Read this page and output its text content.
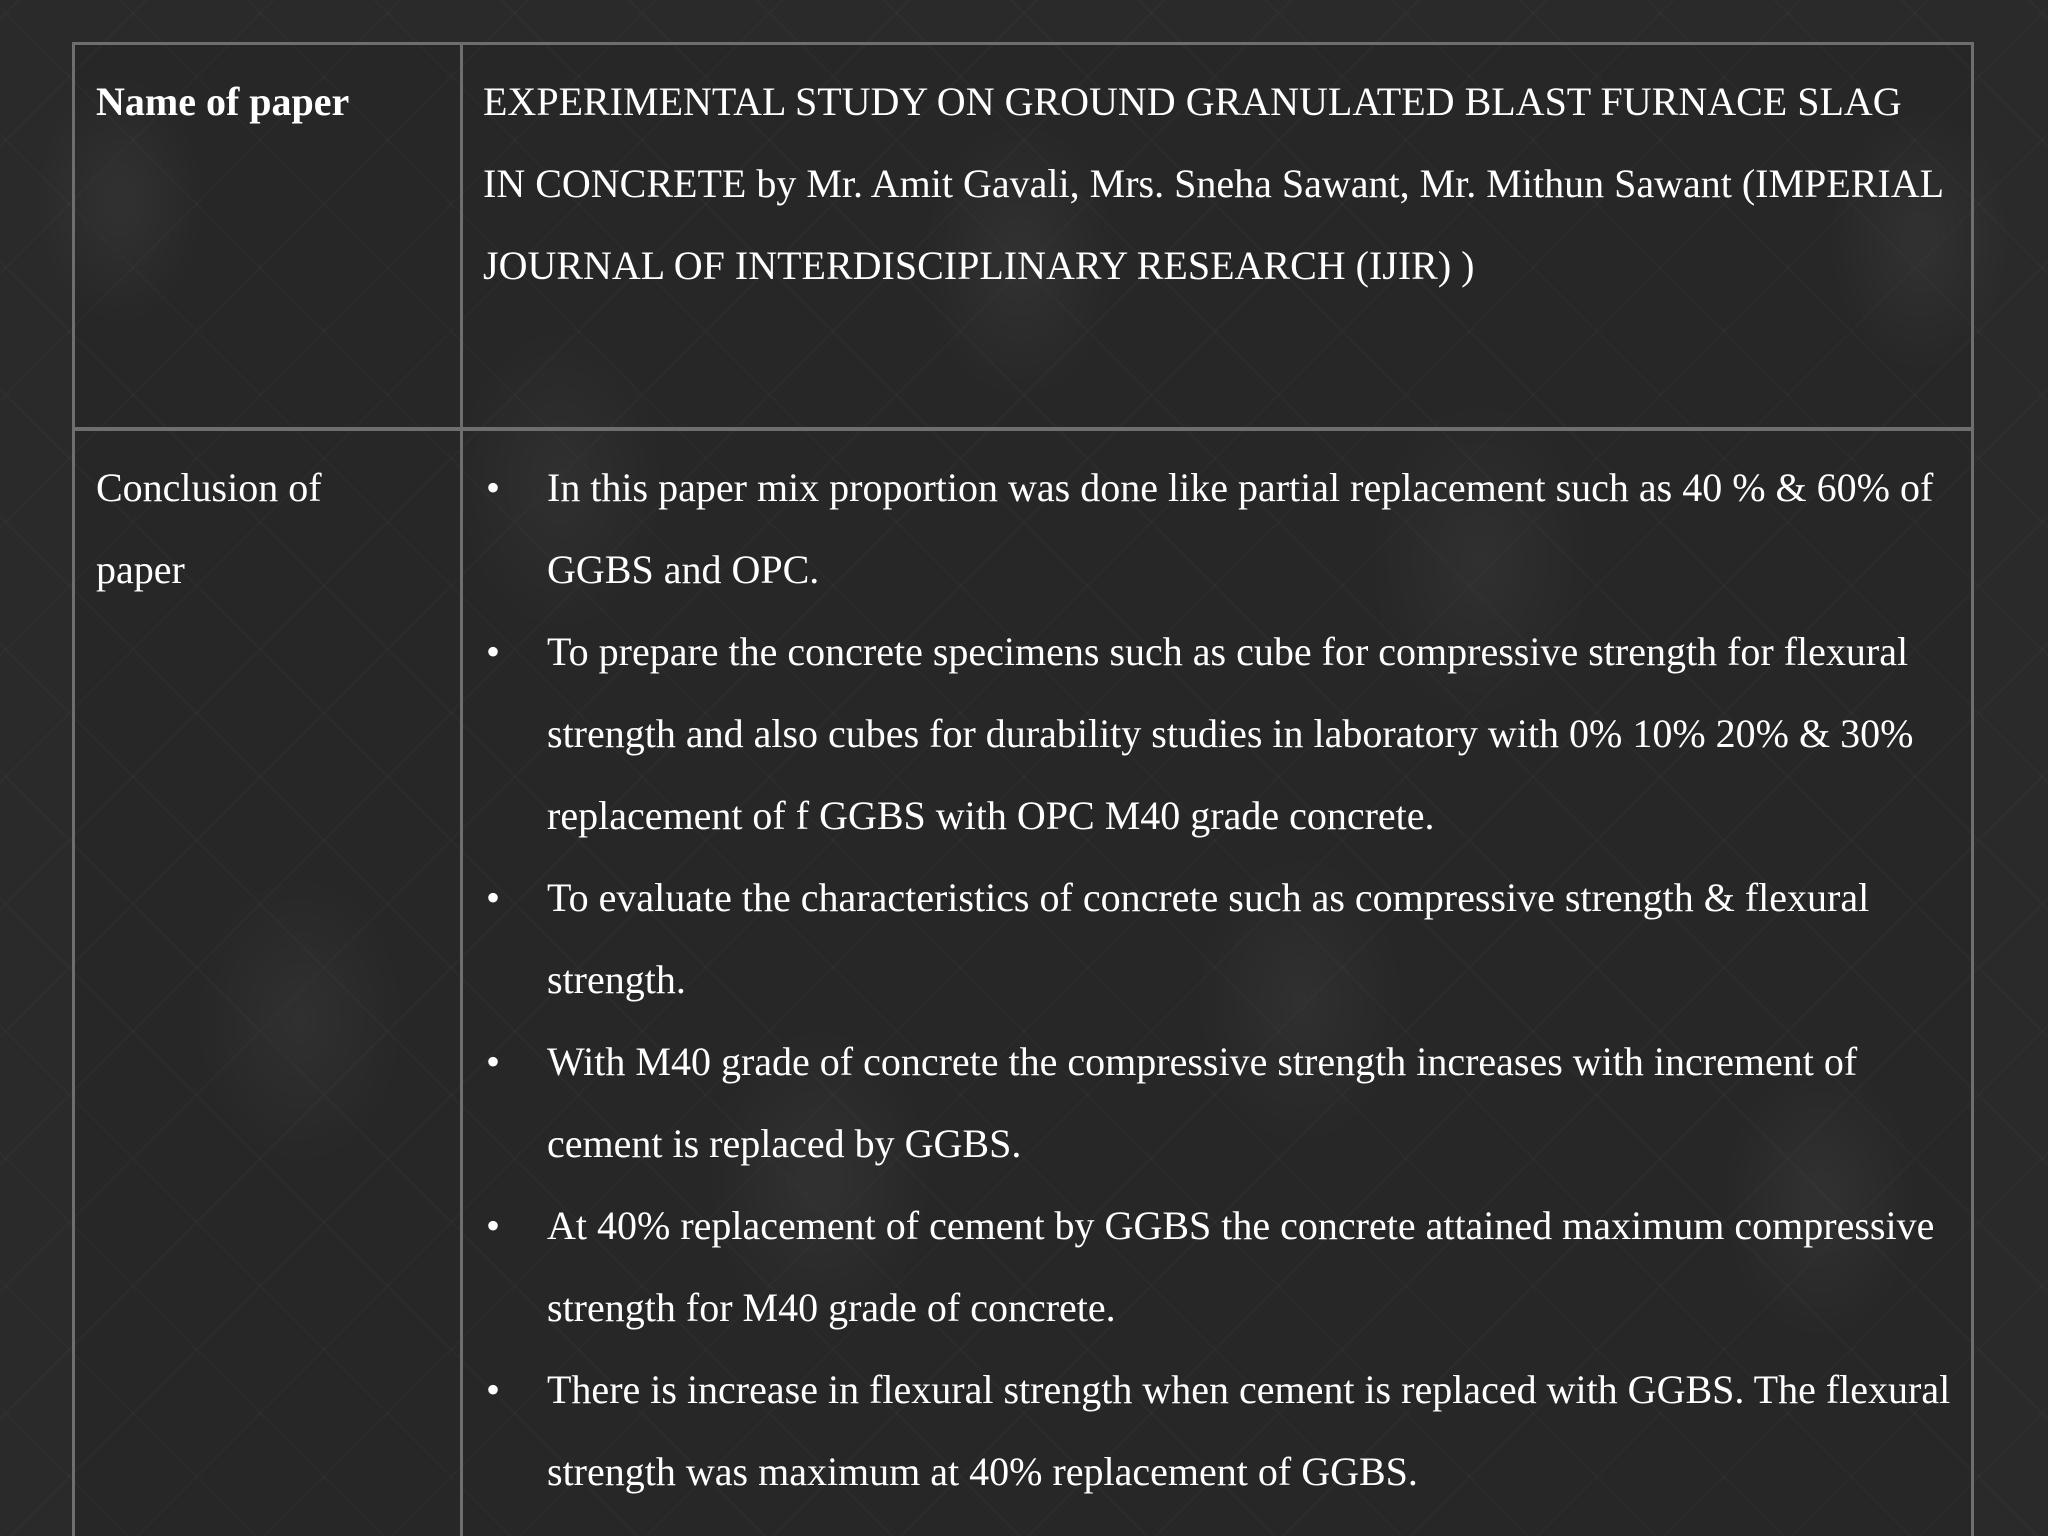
Name of paper	EXPERIMENTAL STUDY ON GROUND GRANULATED BLAST FURNACE SLAG IN CONCRETE by Mr. Amit Gavali, Mrs. Sneha Sawant, Mr. Mithun Sawant (IMPERIAL JOURNAL OF INTERDISCIPLINARY RESEARCH (IJIR) )
Conclusion of paper
• In this paper mix proportion was done like partial replacement such as 40 % & 60% of GGBS and OPC.
• To prepare the concrete specimens such as cube for compressive strength for flexural strength and also cubes for durability studies in laboratory with 0% 10% 20% & 30% replacement of f GGBS with OPC M40 grade concrete.
• To evaluate the characteristics of concrete such as compressive strength & flexural strength.
• With M40 grade of concrete the compressive strength increases with increment of cement is replaced by GGBS.
• At 40% replacement of cement by GGBS the concrete attained maximum compressive strength for M40 grade of concrete.
• There is increase in flexural strength when cement is replaced with GGBS. The flexural strength was maximum at 40% replacement of GGBS.
